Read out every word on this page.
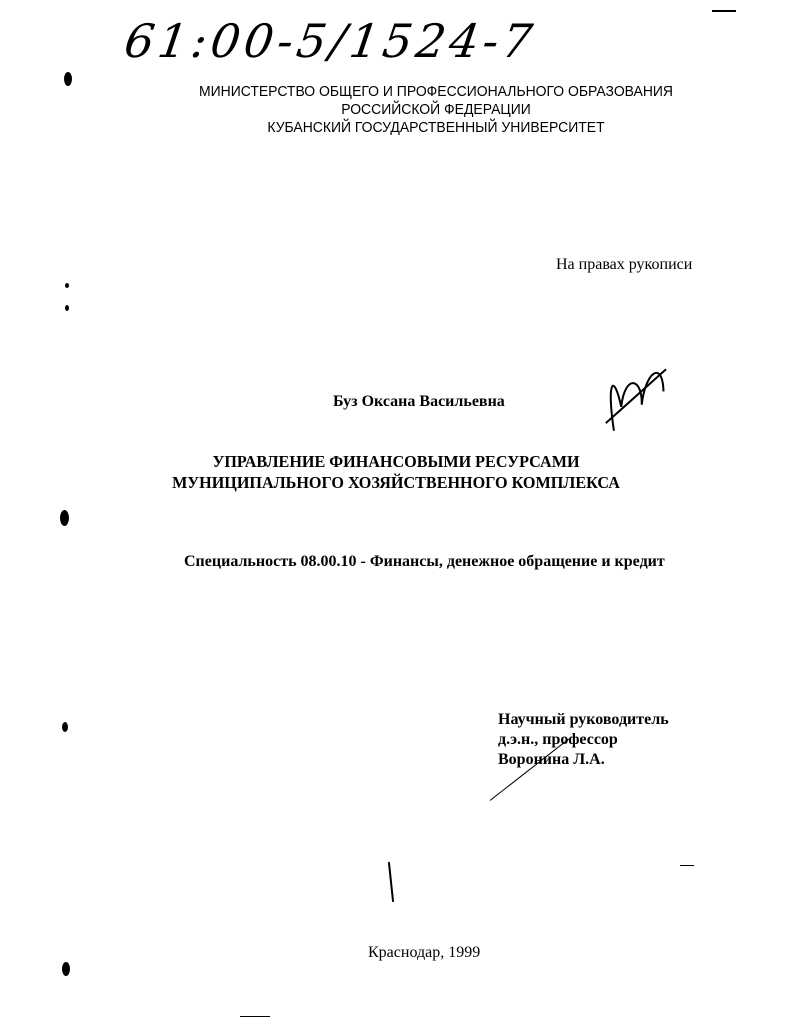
61:00-5/1524-7
МИНИСТЕРСТВО ОБЩЕГО И ПРОФЕССИОНАЛЬНОГО ОБРАЗОВАНИЯ
РОССИЙСКОЙ ФЕДЕРАЦИИ
КУБАНСКИЙ ГОСУДАРСТВЕННЫЙ УНИВЕРСИТЕТ
На правах рукописи
Буз Оксана Васильевна
УПРАВЛЕНИЕ ФИНАНСОВЫМИ РЕСУРСАМИ
МУНИЦИПАЛЬНОГО ХОЗЯЙСТВЕННОГО КОМПЛЕКСА
Специальность 08.00.10 - Финансы, денежное обращение и кредит
Научный руководитель
д.э.н., профессор
Воронина Л.А.
Краснодар, 1999
